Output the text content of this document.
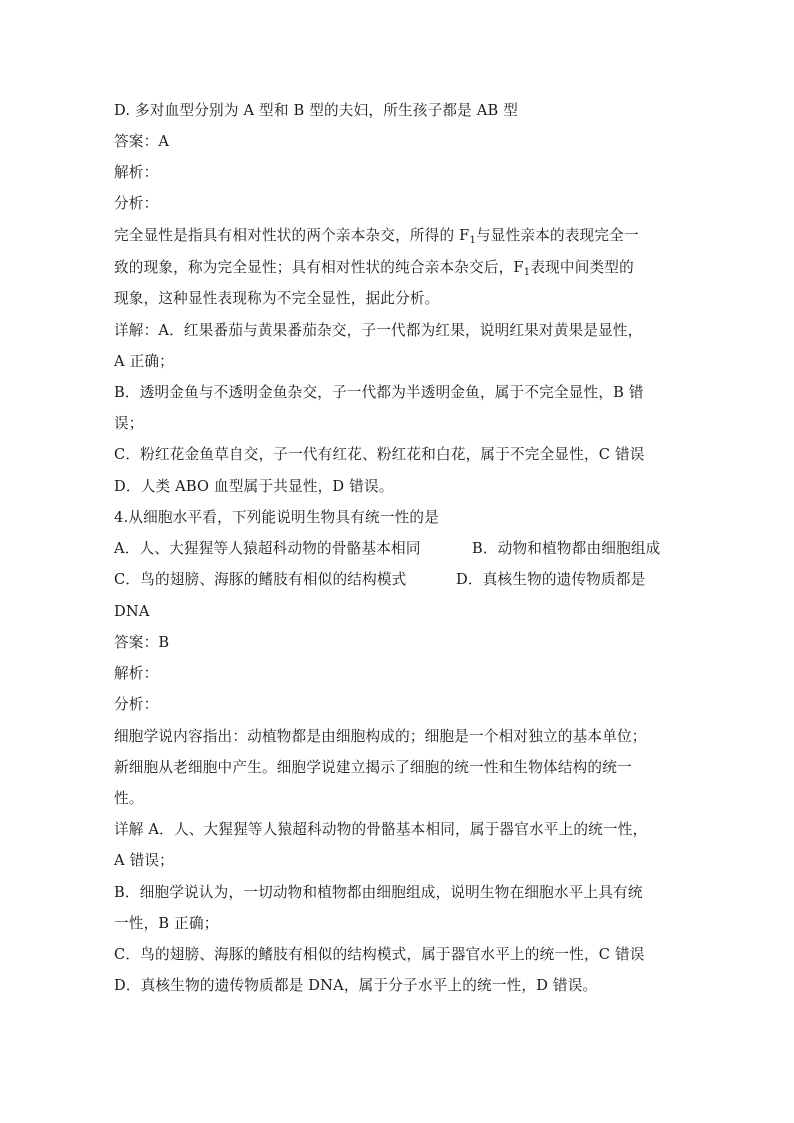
D. 多对血型分别为 A 型和 B 型的夫妇，所生孩子都是 AB 型
答案：A
解析：
分析：
完全显性是指具有相对性状的两个亲本杂交，所得的 $F_1$与显性亲本的表现完全一
致的现象，称为完全显性；具有相对性状的纯合亲本杂交后，$F_1$表现中间类型的
现象，这种显性表现称为不完全显性，据此分析。
详解：A．红果番茄与黄果番茄杂交，子一代都为红果，说明红果对黄果是显性，
A 正确；
B．透明金鱼与不透明金鱼杂交，子一代都为半透明金鱼，属于不完全显性，B 错
误；
C．粉红花金鱼草自交，子一代有红花、粉红花和白花，属于不完全显性，C 错误
D．人类 ABO 血型属于共显性，D 错误。
4.从细胞水平看，下列能说明生物具有统一性的是
A．人、大猩猩等人猿超科动物的骨骼基本相同	B．动物和植物都由细胞组成
C．鸟的翅膀、海豚的鳍肢有相似的结构模式	D．真核生物的遗传物质都是
DNA
答案：B
解析：
分析：
细胞学说内容指出：动植物都是由细胞构成的；细胞是一个相对独立的基本单位；
新细胞从老细胞中产生。细胞学说建立揭示了细胞的统一性和生物体结构的统一
性。
详解 A．人、大猩猩等人猿超科动物的骨骼基本相同，属于器官水平上的统一性，
A 错误；
B．细胞学说认为，一切动物和植物都由细胞组成，说明生物在细胞水平上具有统
一性，B 正确；
C．鸟的翅膀、海豚的鳍肢有相似的结构模式，属于器官水平上的统一性，C 错误
D．真核生物的遗传物质都是 DNA，属于分子水平上的统一性，D 错误。
